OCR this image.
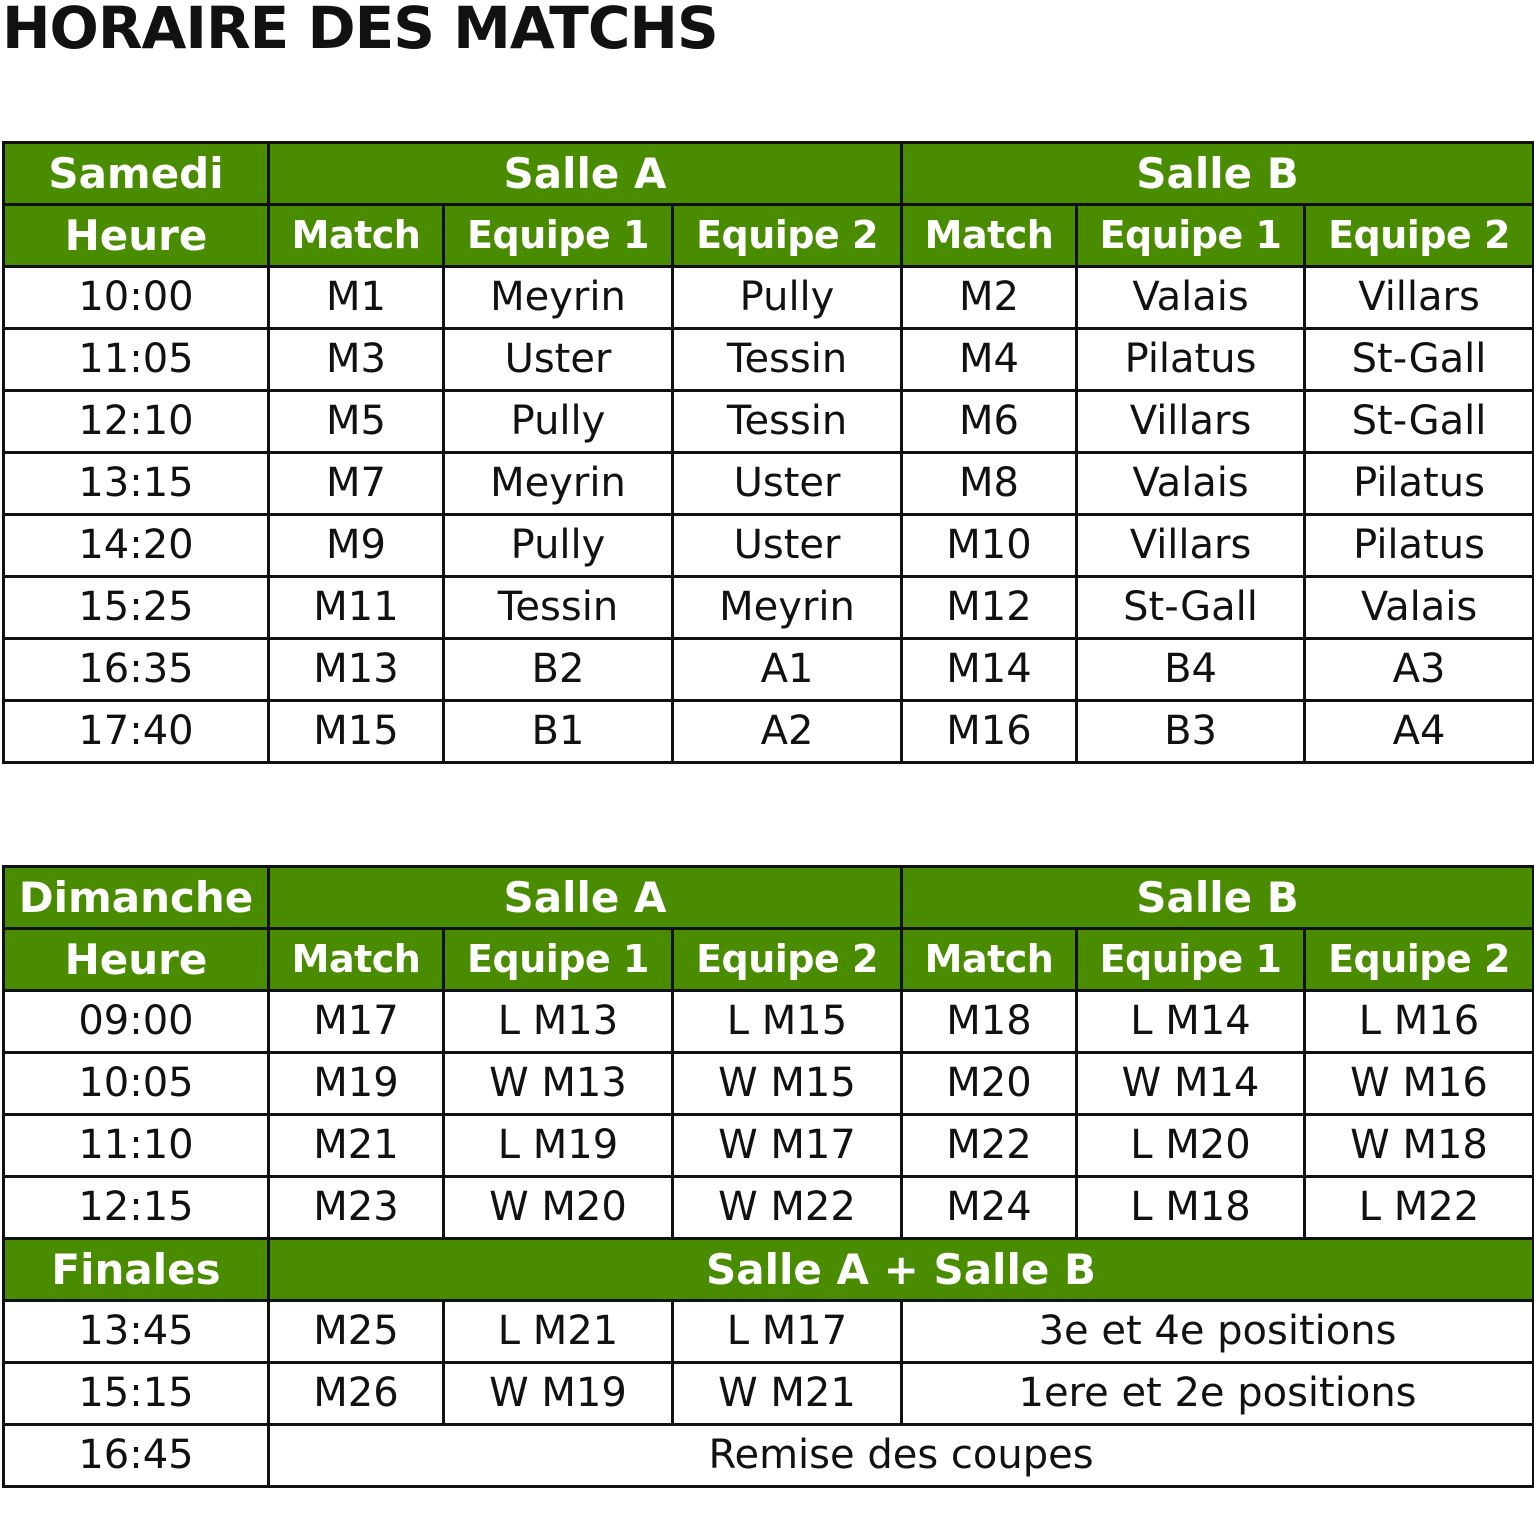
HORAIRE DES MATCHS
Samedi	Salle A			Salle B		
Heure	Match	Equipe 1	Equipe 2	Match	Equipe 1	Equipe 2
10:00	M1	Meyrin	Pully	M2	Valais	Villars
11:05	M3	Uster	Tessin	M4	Pilatus	St-Gall
12:10	M5	Pully	Tessin	M6	Villars	St-Gall
13:15	M7	Meyrin	Uster	M8	Valais	Pilatus
14:20	M9	Pully	Uster	M10	Villars	Pilatus
15:25	M11	Tessin	Meyrin	M12	St-Gall	Valais
16:35	M13	B2	A1	M14	B4	A3
17:40	M15	B1	A2	M16	B3	A4
Dimanche	Salle A			Salle B		
Heure	Match	Equipe 1	Equipe 2	Match	Equipe 1	Equipe 2
09:00	M17	L M13	L M15	M18	L M14	L M16
10:05	M19	W M13	W M15	M20	W M14	W M16
11:10	M21	L M19	W M17	M22	L M20	W M18
12:15	M23	W M20	W M22	M24	L M18	L M22
Finales	Salle A + Salle B					
13:45	M25	L M21	L M17	3e et 4e positions		
15:15	M26	W M19	W M21	1ere et 2e positions		
16:45	Remise des coupes					
